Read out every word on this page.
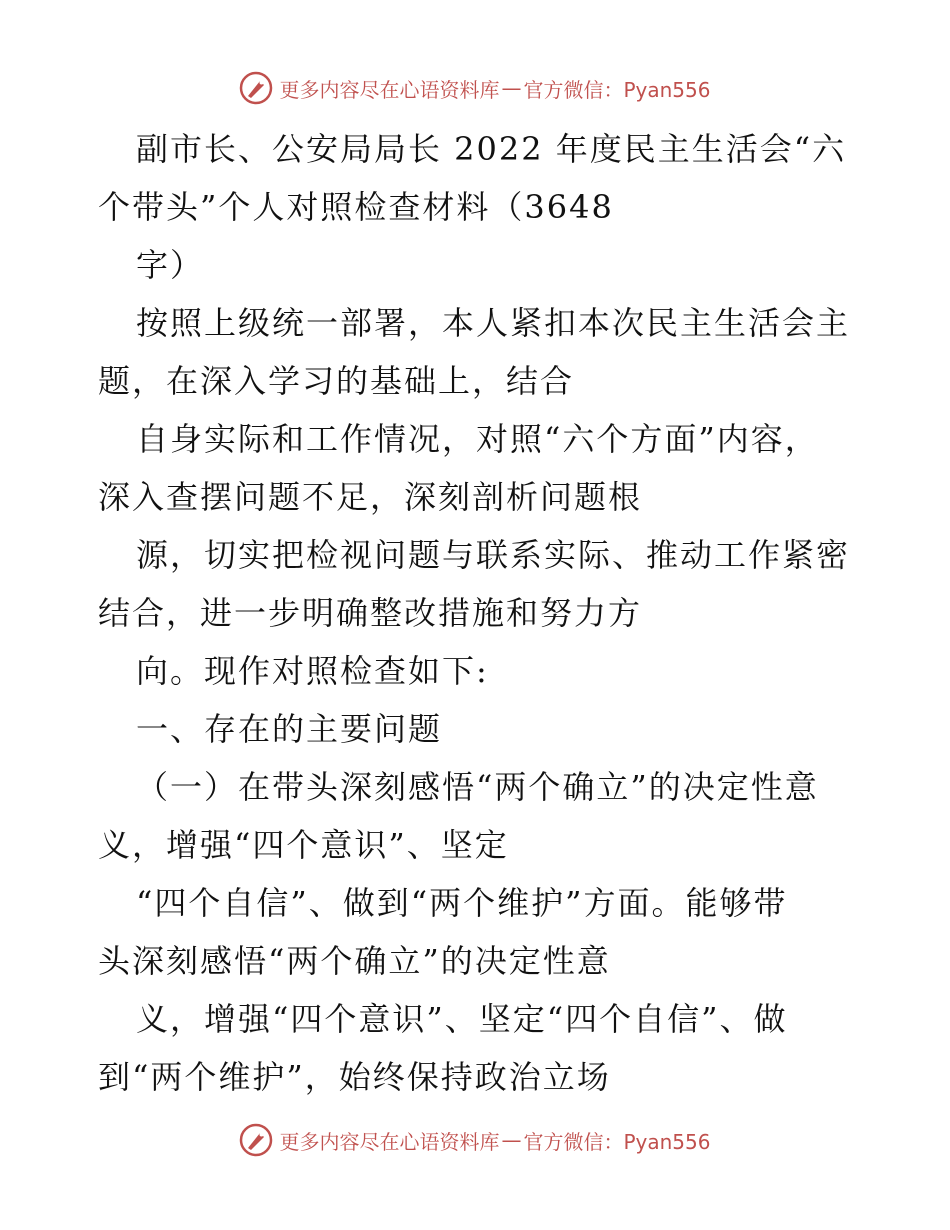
更多内容尽在心语资料库 — 官方微信：Pyan556
副市长、公安局局长 2022 年度民主生活会“六
个带头”个人对照检查材料（3648
字）
按照上级统一部署，本人紧扣本次民主生活会主
题，在深入学习的基础上，结合
自身实际和工作情况，对照“六个方面”内容，
深入查摆问题不足，深刻剖析问题根
源，切实把检视问题与联系实际、推动工作紧密
结合，进一步明确整改措施和努力方
向。现作对照检查如下:
一、存在的主要问题
（一）在带头深刻感悟“两个确立”的决定性意
义，增强“四个意识”、坚定
“四个自信”、做到“两个维护”方面。能够带
头深刻感悟“两个确立”的决定性意
义，增强“四个意识”、坚定“四个自信”、做
到“两个维护”，始终保持政治立场
更多内容尽在心语资料库 — 官方微信：Pyan556
